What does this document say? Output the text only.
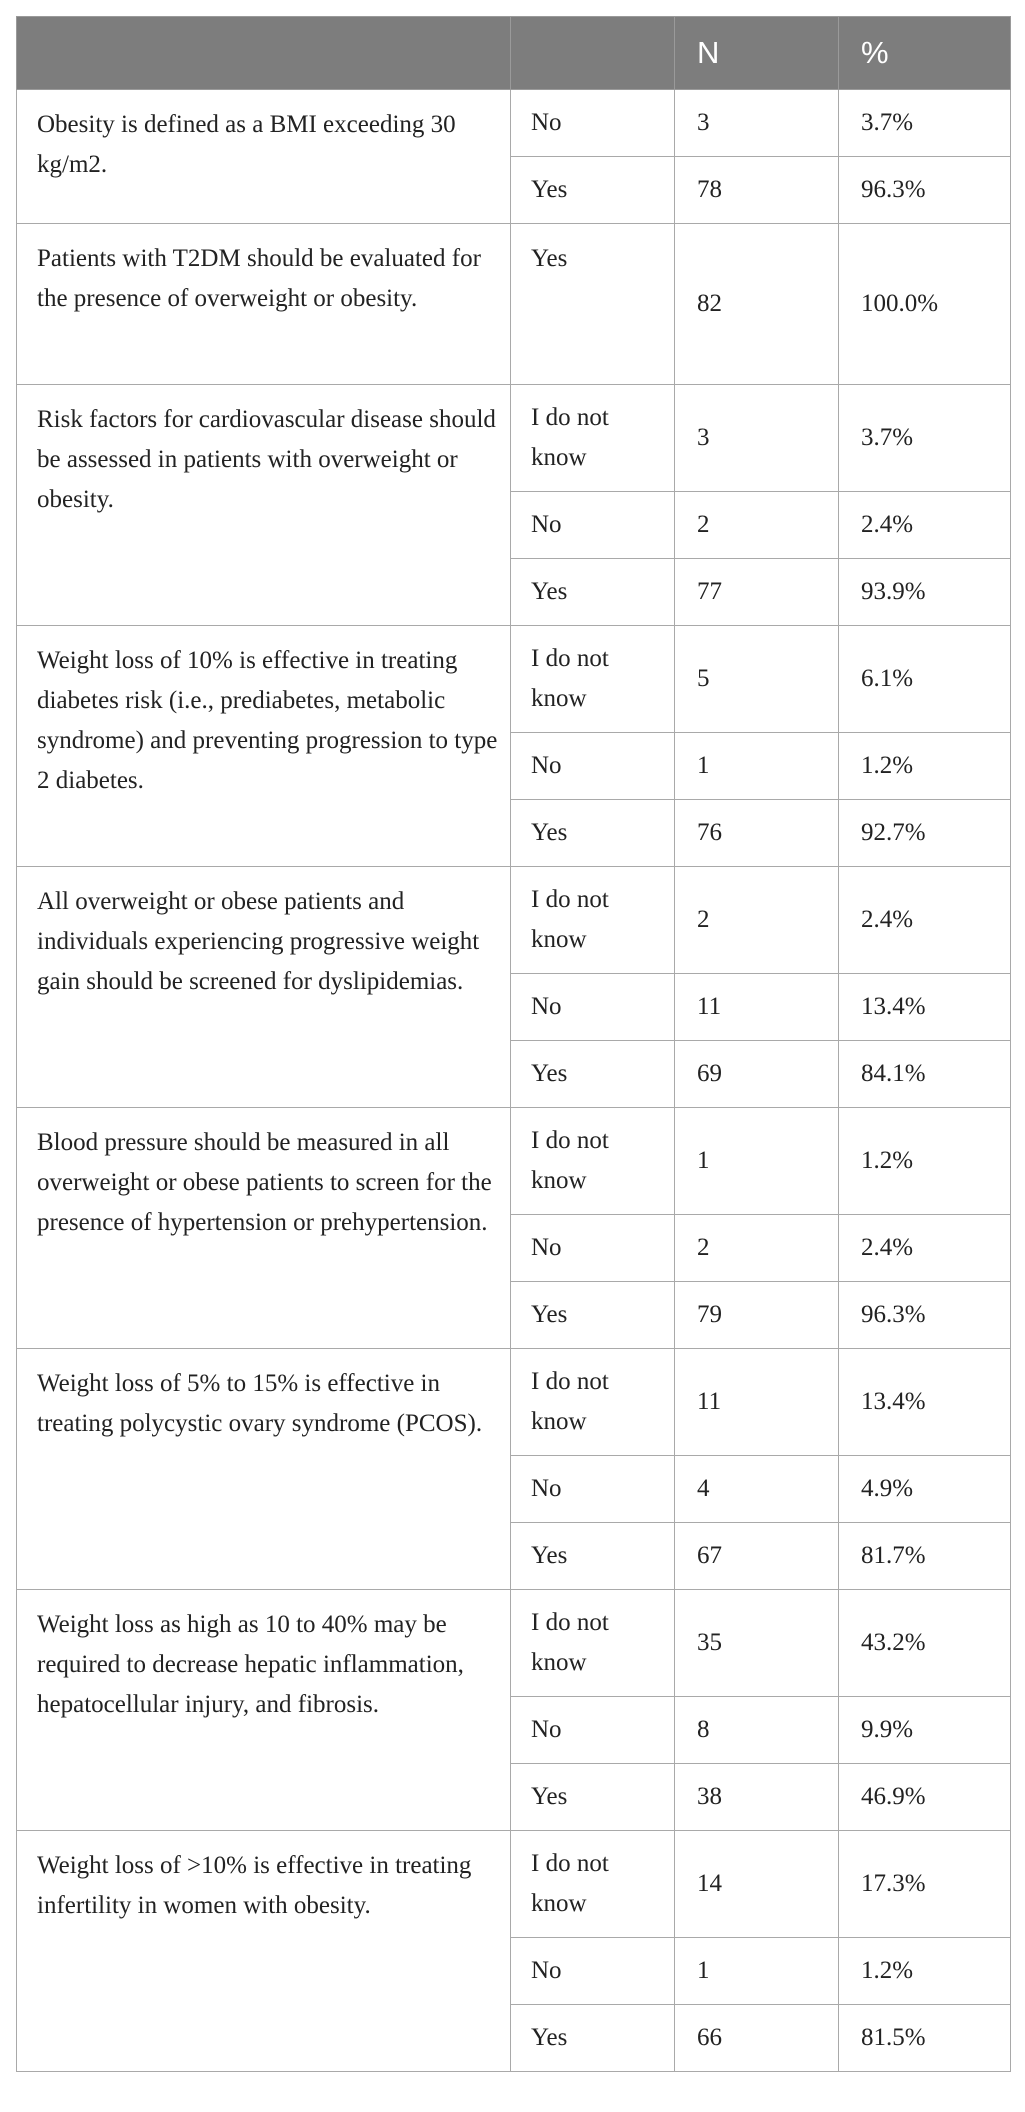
		N	%
Obesity is defined as a BMI exceeding 30 kg/m2.	No	3	3.7%
	Yes	78	96.3%
Patients with T2DM should be evaluated for the presence of overweight or obesity.	Yes	82	100.0%
Risk factors for cardiovascular disease should be assessed in patients with overweight or obesity.	I do not know	3	3.7%
	No	2	2.4%
	Yes	77	93.9%
Weight loss of 10% is effective in treating diabetes risk (i.e., prediabetes, metabolic syndrome) and preventing progression to type 2 diabetes.	I do not know	5	6.1%
	No	1	1.2%
	Yes	76	92.7%
All overweight or obese patients and individuals experiencing progressive weight gain should be screened for dyslipidemias.	I do not know	2	2.4%
	No	11	13.4%
	Yes	69	84.1%
Blood pressure should be measured in all overweight or obese patients to screen for the presence of hypertension or prehypertension.	I do not know	1	1.2%
	No	2	2.4%
	Yes	79	96.3%
Weight loss of 5% to 15% is effective in treating polycystic ovary syndrome (PCOS).	I do not know	11	13.4%
	No	4	4.9%
	Yes	67	81.7%
Weight loss as high as 10 to 40% may be required to decrease hepatic inflammation, hepatocellular injury, and fibrosis.	I do not know	35	43.2%
	No	8	9.9%
	Yes	38	46.9%
Weight loss of >10% is effective in treating infertility in women with obesity.	I do not know	14	17.3%
	No	1	1.2%
	Yes	66	81.5%
